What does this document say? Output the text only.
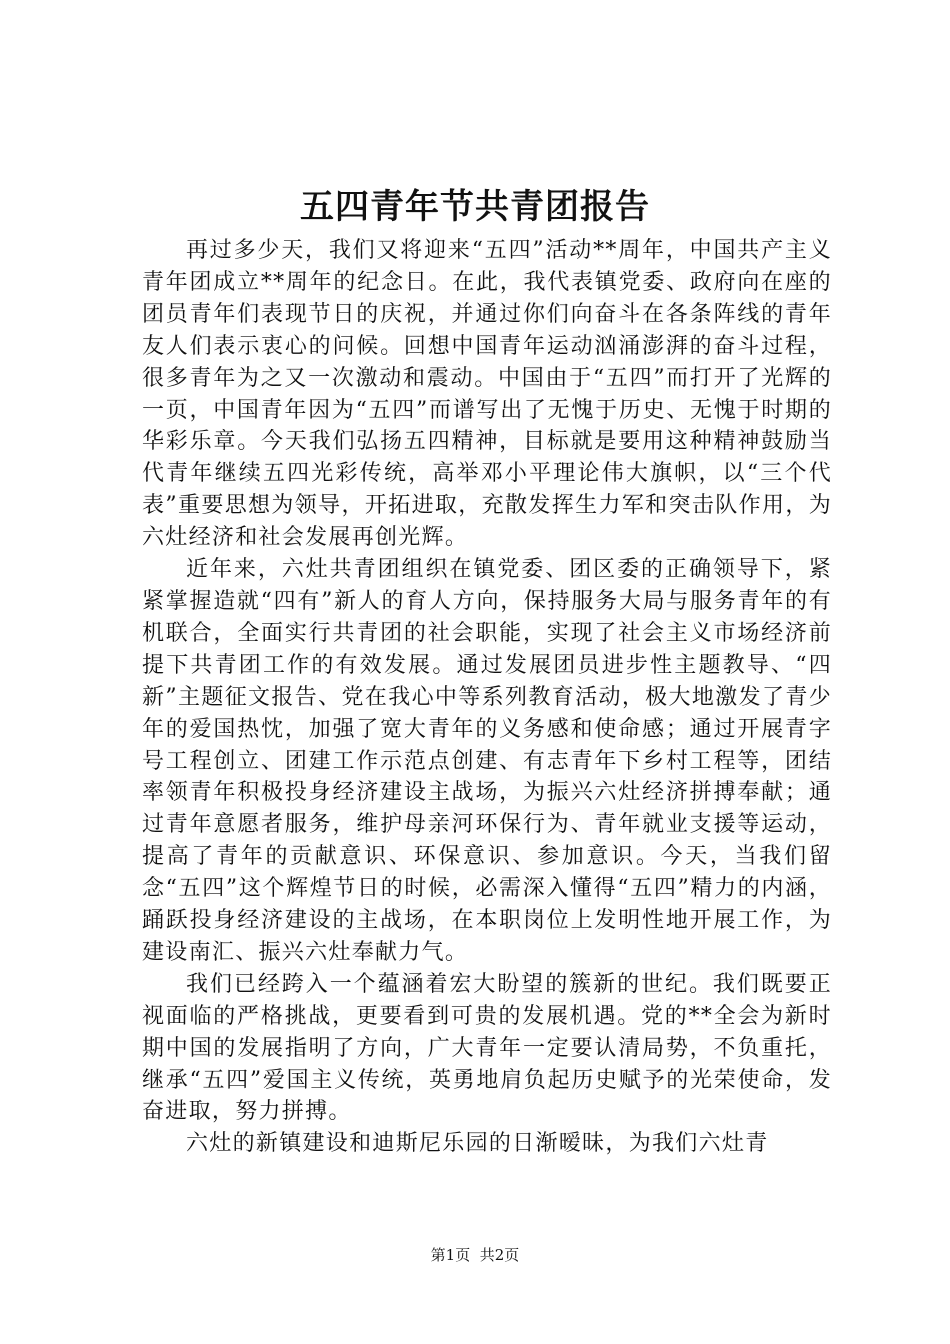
五四青年节共青团报告

再过多少天，我们又将迎来“五四”活动**周年，中国共产主义青年团成立**周年的纪念日。在此，我代表镇党委、政府向在座的团员青年们表现节日的庆祝，并通过你们向奋斗在各条阵线的青年友人们表示衷心的问候。回想中国青年运动汹涌澎湃的奋斗过程，很多青年为之又一次激动和震动。中国由于“五四”而打开了光辉的一页，中国青年因为“五四”而谱写出了无愧于历史、无愧于时期的华彩乐章。今天我们弘扬五四精神，目标就是要用这种精神鼓励当代青年继续五四光彩传统，高举邓小平理论伟大旗帜，以“三个代表”重要思想为领导，开拓进取，充散发挥生力军和突击队作用，为六灶经济和社会发展再创光辉。

近年来，六灶共青团组织在镇党委、团区委的正确领导下，紧紧掌握造就“四有”新人的育人方向，保持服务大局与服务青年的有机联合，全面实行共青团的社会职能，实现了社会主义市场经济前提下共青团工作的有效发展。通过发展团员进步性主题教导、“四新”主题征文报告、党在我心中等系列教育活动，极大地激发了青少年的爱国热忱，加强了宽大青年的义务感和使命感；通过开展青字号工程创立、团建工作示范点创建、有志青年下乡村工程等，团结率领青年积极投身经济建设主战场，为振兴六灶经济拼搏奉献；通过青年意愿者服务，维护母亲河环保行为、青年就业支援等运动，提高了青年的贡献意识、环保意识、参加意识。今天，当我们留念“五四”这个辉煌节日的时候，必需深入懂得“五四”精力的内涵，踊跃投身经济建设的主战场，在本职岗位上发明性地开展工作，为建设南汇、振兴六灶奉献力气。

我们已经跨入一个蕴涵着宏大盼望的簇新的世纪。我们既要正视面临的严格挑战，更要看到可贵的发展机遇。党的**全会为新时期中国的发展指明了方向，广大青年一定要认清局势，不负重托，继承“五四”爱国主义传统，英勇地肩负起历史赋予的光荣使命，发奋进取，努力拼搏。

六灶的新镇建设和迪斯尼乐园的日渐暧昧，为我们六灶青

第1页 共2页
